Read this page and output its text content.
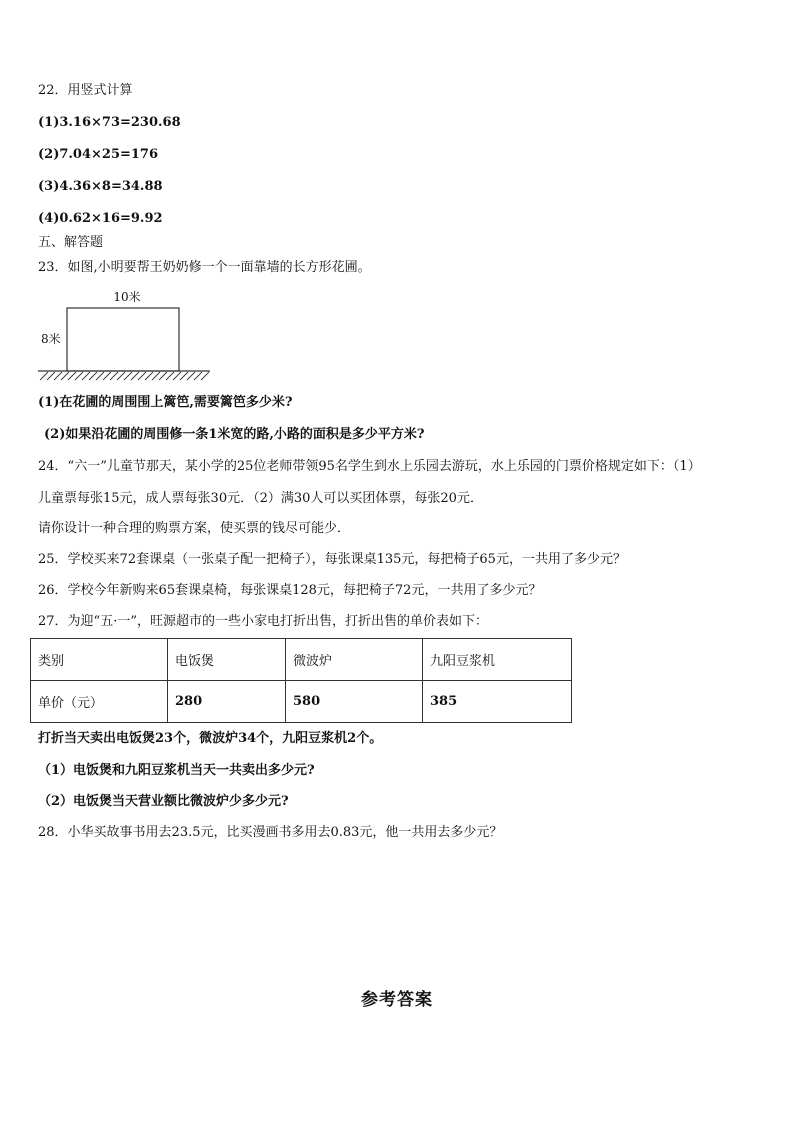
22．用竖式计算
(1)3.16×73=230.68
(2)7.04×25=176
(3)4.36×8=34.88
(4)0.62×16=9.92
五、解答题
23．如图,小明要帮王奶奶修一个一面靠墙的长方形花圃。
10米
8米
(1)在花圃的周围围上篱笆,需要篱笆多少米?
(2)如果沿花圃的周围修一条1米宽的路,小路的面积是多少平方米?
24．“六一”儿童节那天，某小学的25位老师带领95名学生到水上乐园去游玩，水上乐园的门票价格规定如下：（1）
儿童票每张15元，成人票每张30元．（2）满30人可以买团体票，每张20元．
请你设计一种合理的购票方案，使买票的钱尽可能少．
25．学校买来72套课桌（一张桌子配一把椅子），每张课桌135元，每把椅子65元，一共用了多少元？
26．学校今年新购来65套课桌椅，每张课桌128元，每把椅子72元，一共用了多少元？
27．为迎“五·一”，旺源超市的一些小家电打折出售，打折出售的单价表如下：
类别	电饭煲	微波炉	九阳豆浆机
单价（元）	280	580	385
打折当天卖出电饭煲23个，微波炉34个，九阳豆浆机2个。
（1）电饭煲和九阳豆浆机当天一共卖出多少元?
（2）电饭煲当天营业额比微波炉少多少元?
28．小华买故事书用去23.5元，比买漫画书多用去0.83元，他一共用去多少元？
参考答案
